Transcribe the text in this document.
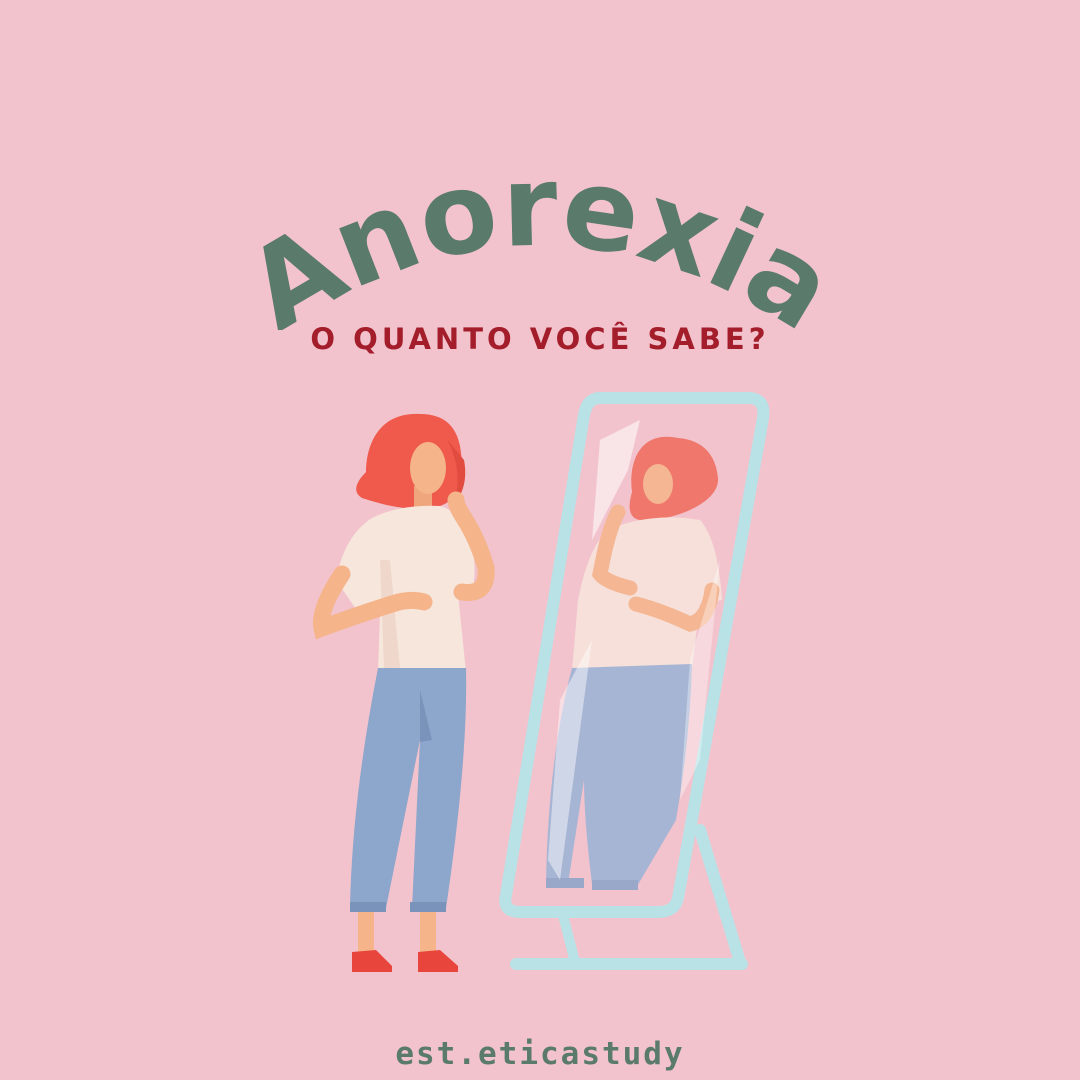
Anorexia
O QUANTO VOCÊ SABE?
est.eticastudy
